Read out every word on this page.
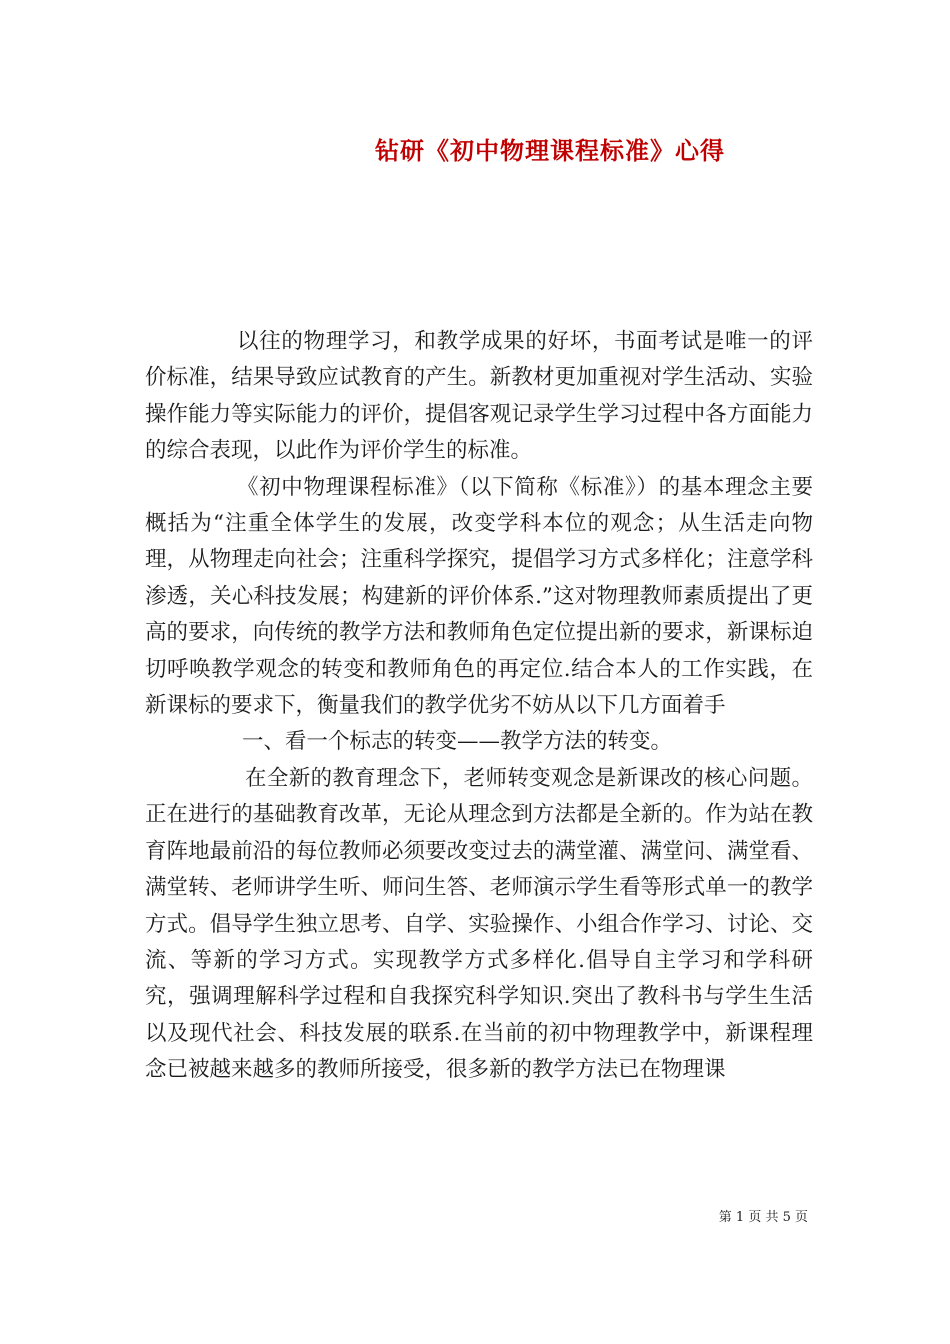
钻研《初中物理课程标准》心得

以往的物理学习，和教学成果的好坏，书面考试是唯一的评价标准，结果导致应试教育的产生。新教材更加重视对学生活动、实验操作能力等实际能力的评价，提倡客观记录学生学习过程中各方面能力的综合表现，以此作为评价学生的标准。

《初中物理课程标准》（以下简称《标准》）的基本理念主要概括为“注重全体学生的发展，改变学科本位的观念；从生活走向物理，从物理走向社会；注重科学探究，提倡学习方式多样化；注意学科渗透，关心科技发展；构建新的评价体系.”这对物理教师素质提出了更高的要求，向传统的教学方法和教师角色定位提出新的要求，新课标迫切呼唤教学观念的转变和教师角色的再定位.结合本人的工作实践，在新课标的要求下，衡量我们的教学优劣不妨从以下几方面着手

一、看一个标志的转变——教学方法的转变。

在全新的教育理念下，老师转变观念是新课改的核心问题。正在进行的基础教育改革，无论从理念到方法都是全新的。作为站在教育阵地最前沿的每位教师必须要改变过去的满堂灌、满堂问、满堂看、满堂转、老师讲学生听、师问生答、老师演示学生看等形式单一的教学方式。倡导学生独立思考、自学、实验操作、小组合作学习、讨论、交流、等新的学习方式。实现教学方式多样化.倡导自主学习和学科研究，强调理解科学过程和自我探究科学知识.突出了教科书与学生生活以及现代社会、科技发展的联系.在当前的初中物理教学中，新课程理念已被越来越多的教师所接受，很多新的教学方法已在物理课

第 1 页 共 5 页
